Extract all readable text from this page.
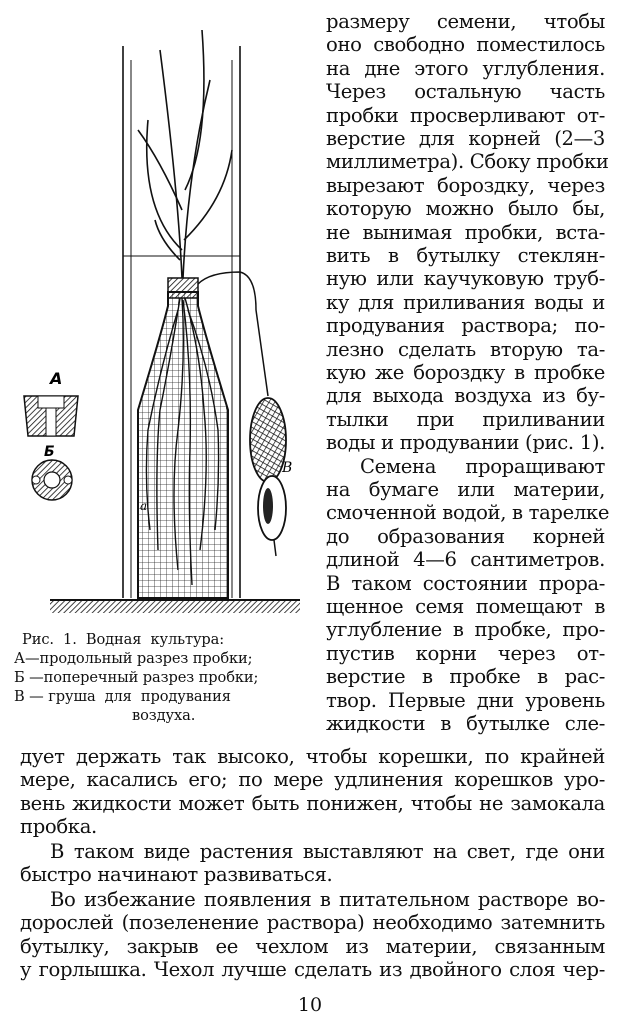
В
а
А
Б
Рис.  1.  Водная  культура:
А—продольный разрез пробки;
Б —поперечный разрез пробки;
В — груша  для  продувания
воздуха.
размеру   семени,   чтобы
оно свободно поместилось
на дне этого углубления.
Через   остальную   часть
пробки просверливают от-
верстие для корней (2—3
миллиметра). Сбоку пробки
вырезают бороздку, через
которую можно было бы,
не вынимая пробки, вста-
вить в бутылку стеклян-
ную или каучуковую труб-
ку для приливания воды и
продувания раствора; по-
лезно сделать вторую та-
кую же бороздку в пробке
для выхода воздуха из бу-
тылки   при   приливании
воды и продувании (рис. 1).
Семена  проращивают
на бумаге или материи,
смоченной водой, в тарелке
до   образования   корней
длиной 4—6 сантиметров.
В таком состоянии прора-
щенное семя помещают в
углубление в пробке, про-
пустив корни через от-
верстие  в  пробке  в  рас-
твор. Первые дни уровень
жидкости в бутылке сле-
дует держать так высоко, чтобы корешки, по крайней
мере, касались его; по мере удлинения корешков уро-
вень жидкости может быть понижен, чтобы не замокала
пробка.
В таком виде растения выставляют на свет, где они
быстро начинают развиваться.
Во избежание появления в питательном растворе во-
дорослей (позеленение раствора) необходимо затемнить
бутылку, закрыв ее чехлом из материи, связанным
у горлышка. Чехол лучше сделать из двойного слоя чер-
10
